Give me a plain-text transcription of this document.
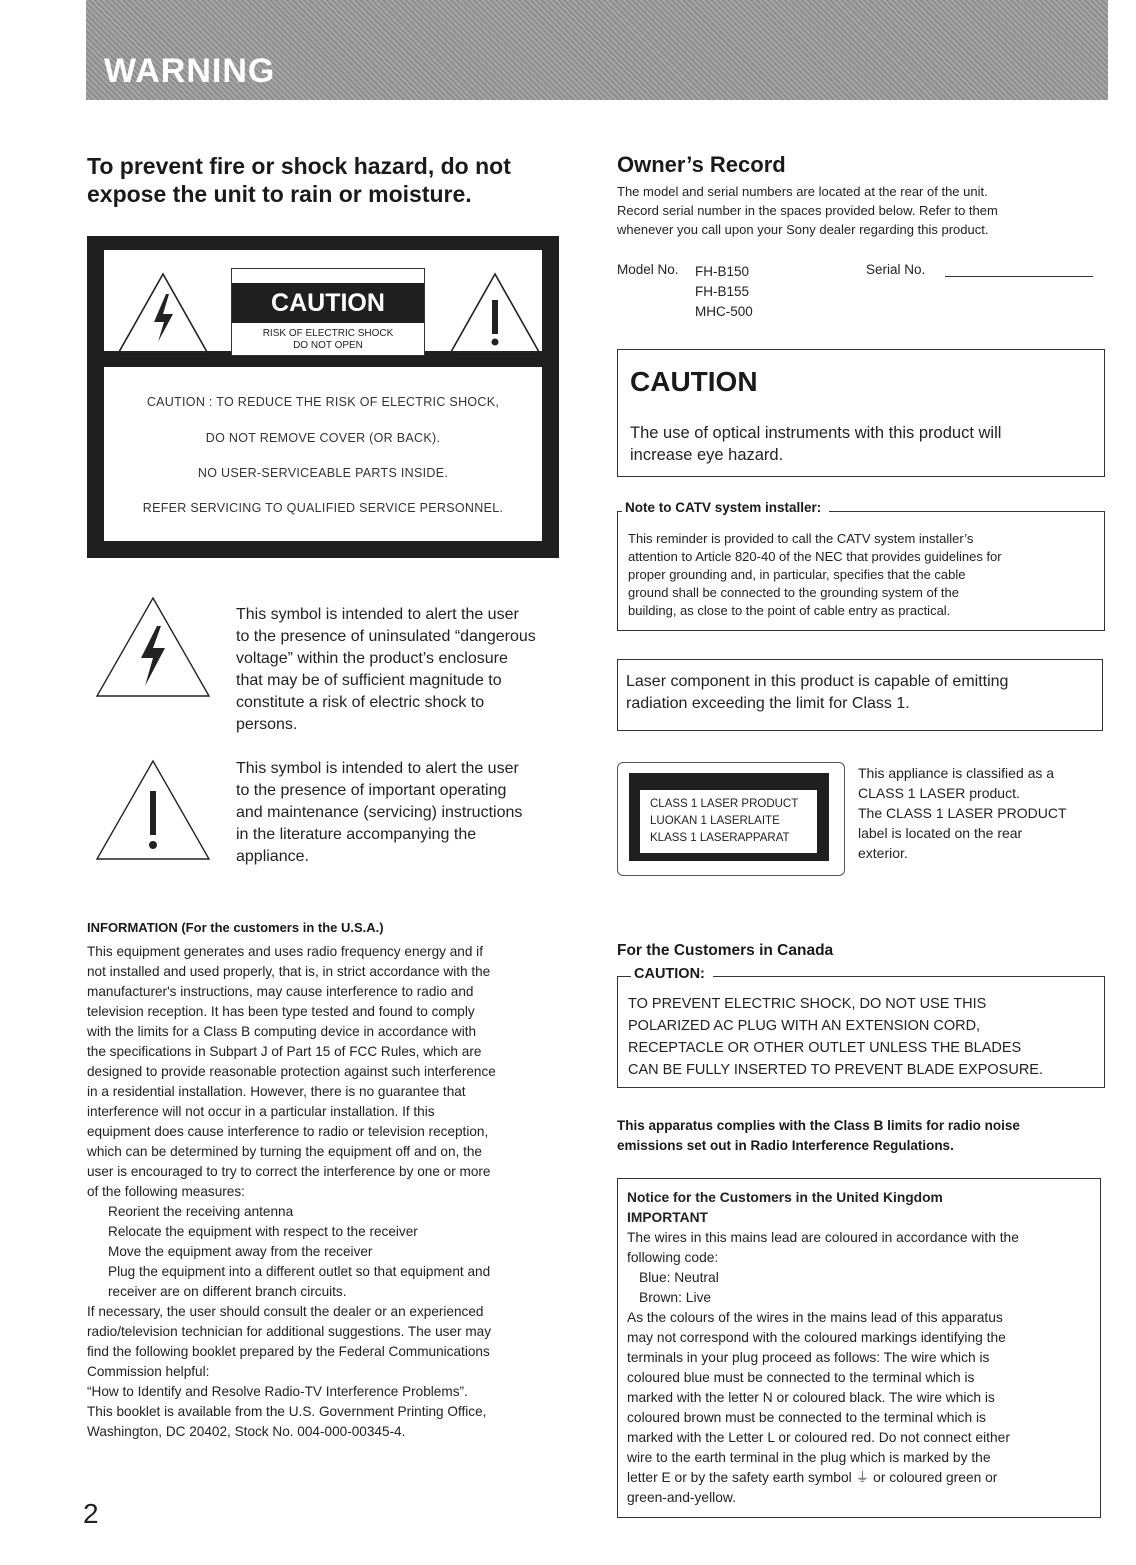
WARNING
To prevent fire or shock hazard, do not
expose the unit to rain or moisture.
CAUTION
RISK OF ELECTRIC SHOCK
DO NOT OPEN
CAUTION : TO REDUCE THE RISK OF ELECTRIC SHOCK,
DO NOT REMOVE COVER (OR BACK).
NO USER-SERVICEABLE PARTS INSIDE.
REFER SERVICING TO QUALIFIED SERVICE PERSONNEL.
This symbol is intended to alert the user
to the presence of uninsulated “dangerous
voltage” within the product’s enclosure
that may be of sufficient magnitude to
constitute a risk of electric shock to
persons.
This symbol is intended to alert the user
to the presence of important operating
and maintenance (servicing) instructions
in the literature accompanying the
appliance.
INFORMATION (For the customers in the U.S.A.)
This equipment generates and uses radio frequency energy and if
not installed and used properly, that is, in strict accordance with the
manufacturer's instructions, may cause interference to radio and
television reception. It has been type tested and found to comply
with the limits for a Class B computing device in accordance with
the specifications in Subpart J of Part 15 of FCC Rules, which are
designed to provide reasonable protection against such interference
in a residential installation. However, there is no guarantee that
interference will not occur in a particular installation. If this
equipment does cause interference to radio or television reception,
which can be determined by turning the equipment off and on, the
user is encouraged to try to correct the interference by one or more
of the following measures:
Reorient the receiving antenna
Relocate the equipment with respect to the receiver
Move the equipment away from the receiver
Plug the equipment into a different outlet so that equipment and
receiver are on different branch circuits.
If necessary, the user should consult the dealer or an experienced
radio/television technician for additional suggestions. The user may
find the following booklet prepared by the Federal Communications
Commission helpful:
“How to Identify and Resolve Radio-TV Interference Problems”.
This booklet is available from the U.S. Government Printing Office,
Washington, DC 20402, Stock No. 004-000-00345-4.
2
Owner’s Record
The model and serial numbers are located at the rear of the unit.
Record serial number in the spaces provided below. Refer to them
whenever you call upon your Sony dealer regarding this product.
Model No. FH-B150
FH-B155
MHC-500
Serial No.
CAUTION
The use of optical instruments with this product will
increase eye hazard.
This reminder is provided to call the CATV system installer’s
attention to Article 820-40 of the NEC that provides guidelines for
proper grounding and, in particular, specifies that the cable
ground shall be connected to the grounding system of the
building, as close to the point of cable entry as practical.
Note to CATV system installer:
Laser component in this product is capable of emitting
radiation exceeding the limit for Class 1.
CLASS 1 LASER PRODUCT
LUOKAN 1 LASERLAITE
KLASS 1 LASERAPPARAT
This appliance is classified as a
CLASS 1 LASER product.
The CLASS 1 LASER PRODUCT
label is located on the rear
exterior.
For the Customers in Canada
TO PREVENT ELECTRIC SHOCK, DO NOT USE THIS
POLARIZED AC PLUG WITH AN EXTENSION CORD,
RECEPTACLE OR OTHER OUTLET UNLESS THE BLADES
CAN BE FULLY INSERTED TO PREVENT BLADE EXPOSURE.
CAUTION:
This apparatus complies with the Class B limits for radio noise
emissions set out in Radio Interference Regulations.
Notice for the Customers in the United Kingdom
IMPORTANT
The wires in this mains lead are coloured in accordance with the
following code:
Blue: Neutral
Brown: Live
As the colours of the wires in the mains lead of this apparatus
may not correspond with the coloured markings identifying the
terminals in your plug proceed as follows: The wire which is
coloured blue must be connected to the terminal which is
marked with the letter N or coloured black. The wire which is
coloured brown must be connected to the terminal which is
marked with the Letter L or coloured red. Do not connect either
wire to the earth terminal in the plug which is marked by the
letter E or by the safety earth symbol ⏚ or coloured green or
green-and-yellow.
